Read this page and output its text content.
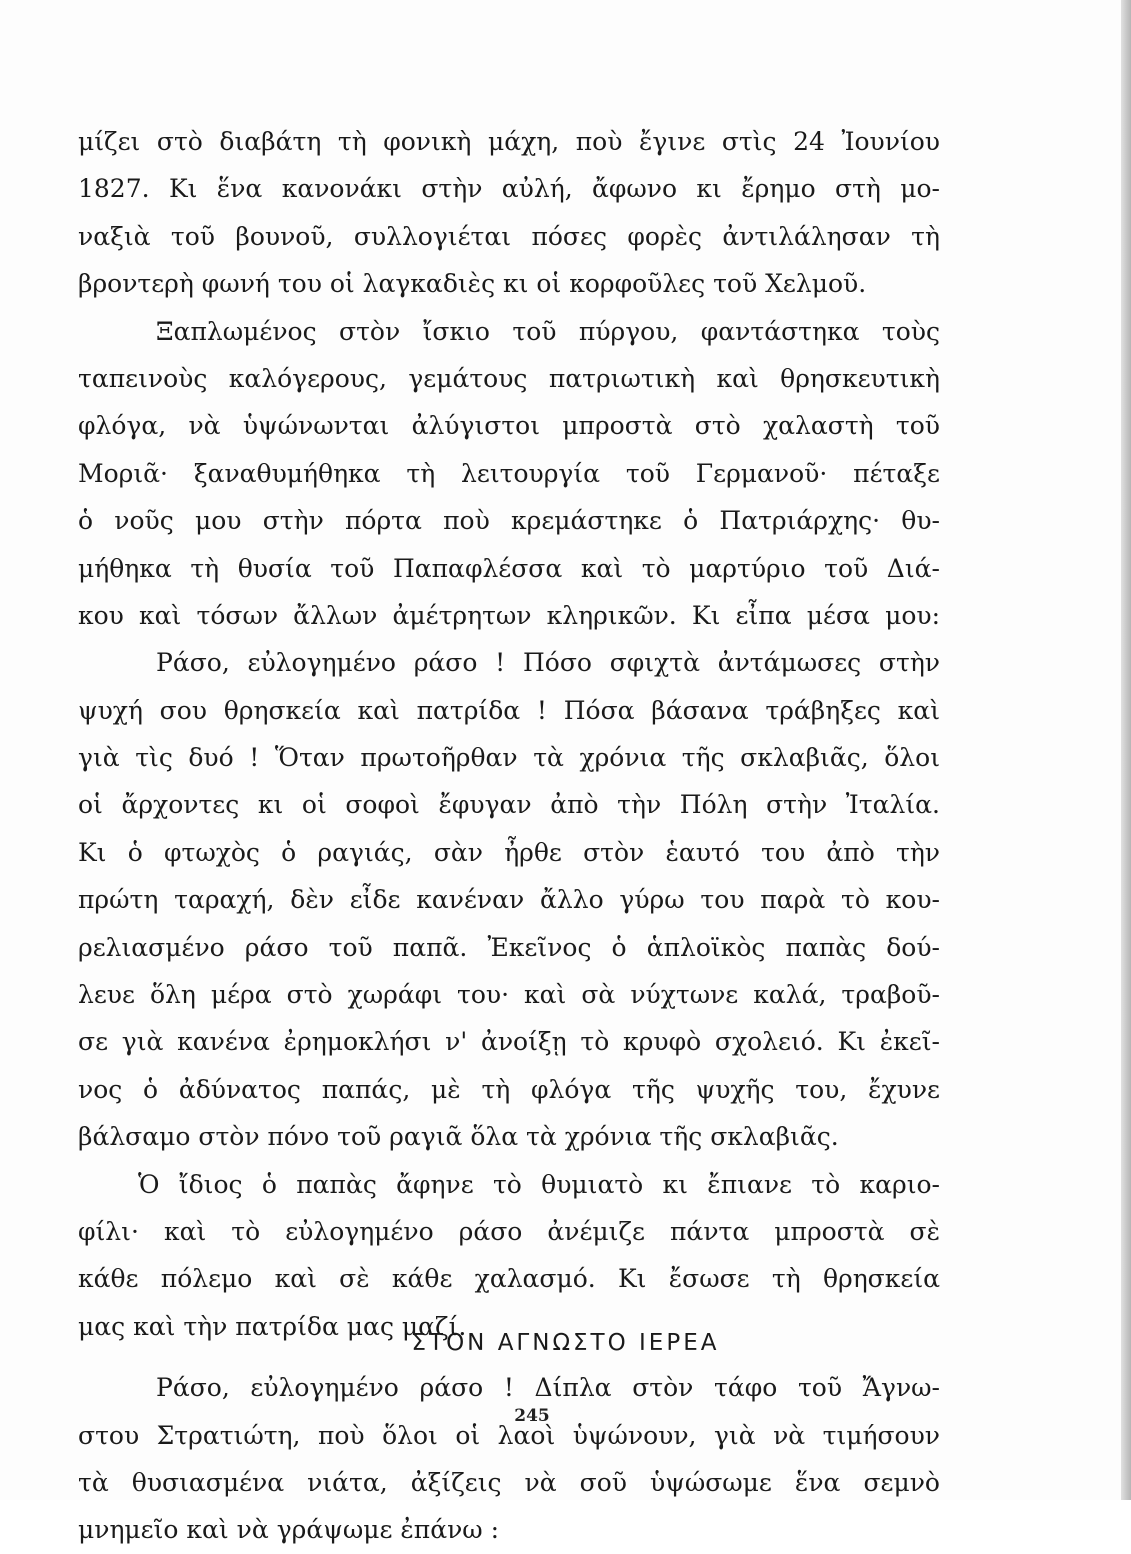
μίζει στὸ διαβάτη τὴ φονικὴ μάχη, ποὺ ἔγινε στὶς 24 Ἰουνίου
1827. Κι ἕνα κανονάκι στὴν αὐλή, ἄφωνο κι ἔρημο στὴ μο-
ναξιὰ τοῦ βουνοῦ, συλλογιέται πόσες φορὲς ἀντιλάλησαν τὴ
βροντερὴ φωνή του οἱ λαγκαδιὲς κι οἱ κορφοῦλες τοῦ Χελμοῦ.
Ξαπλωμένος στὸν ἴσκιο τοῦ πύργου, φαντάστηκα τοὺς
ταπεινοὺς καλόγερους, γεμάτους πατριωτικὴ καὶ θρησκευτικὴ
φλόγα, νὰ ὑψώνωνται ἀλύγιστοι μπροστὰ στὸ χαλαστὴ τοῦ
Μοριᾶ· ξαναθυμήθηκα τὴ λειτουργία τοῦ Γερμανοῦ· πέταξε
ὁ νοῦς μου στὴν πόρτα ποὺ κρεμάστηκε ὁ Πατριάρχης· θυ-
μήθηκα τὴ θυσία τοῦ Παπαφλέσσα καὶ τὸ μαρτύριο τοῦ Διά-
κου καὶ τόσων ἄλλων ἀμέτρητων κληρικῶν. Κι εἶπα μέσα μου:
Ράσο, εὐλογημένο ράσο ! Πόσο σφιχτὰ ἀντάμωσες στὴν
ψυχή σου θρησκεία καὶ πατρίδα ! Πόσα βάσανα τράβηξες καὶ
γιὰ τὶς δυό ! Ὅταν πρωτοῆρθαν τὰ χρόνια τῆς σκλαβιᾶς, ὅλοι
οἱ ἄρχοντες κι οἱ σοφοὶ ἔφυγαν ἀπὸ τὴν Πόλη στὴν Ἰταλία.
Κι ὁ φτωχὸς ὁ ραγιάς, σὰν ἦρθε στὸν ἑαυτό του ἀπὸ τὴν
πρώτη ταραχή, δὲν εἶδε κανέναν ἄλλο γύρω του παρὰ τὸ κου-
ρελιασμένο ράσο τοῦ παπᾶ. Ἐκεῖνος ὁ ἁπλοϊκὸς παπὰς δού-
λευε ὅλη μέρα στὸ χωράφι του· καὶ σὰ νύχτωνε καλά, τραβοῦ-
σε γιὰ κανένα ἐρημοκλήσι ν' ἀνοίξῃ τὸ κρυφὸ σχολειό. Κι ἐκεῖ-
νος ὁ ἀδύνατος παπάς, μὲ τὴ φλόγα τῆς ψυχῆς του, ἔχυνε
βάλσαμο στὸν πόνο τοῦ ραγιᾶ ὅλα τὰ χρόνια τῆς σκλαβιᾶς.
Ὁ ἴδιος ὁ παπὰς ἄφηνε τὸ θυμιατὸ κι ἔπιανε τὸ καριο-
φίλι· καὶ τὸ εὐλογημένο ράσο ἀνέμιζε πάντα μπροστὰ σὲ
κάθε πόλεμο καὶ σὲ κάθε χαλασμό. Κι ἔσωσε τὴ θρησκεία
μας καὶ τὴν πατρίδα μας μαζί.
Ράσο, εὐλογημένο ράσο ! Δίπλα στὸν τάφο τοῦ Ἄγνω-
στου Στρατιώτη, ποὺ ὅλοι οἱ λαοὶ ὑψώνουν, γιὰ νὰ τιμήσουν
τὰ θυσιασμένα νιάτα, ἀξίζεις νὰ σοῦ ὑψώσωμε ἕνα σεμνὸ
μνημεῖο καὶ νὰ γράψωμε ἐπάνω :
ΣΤΟΝ ΑΓΝΩΣΤΟ ΙΕΡΕΑ
245
